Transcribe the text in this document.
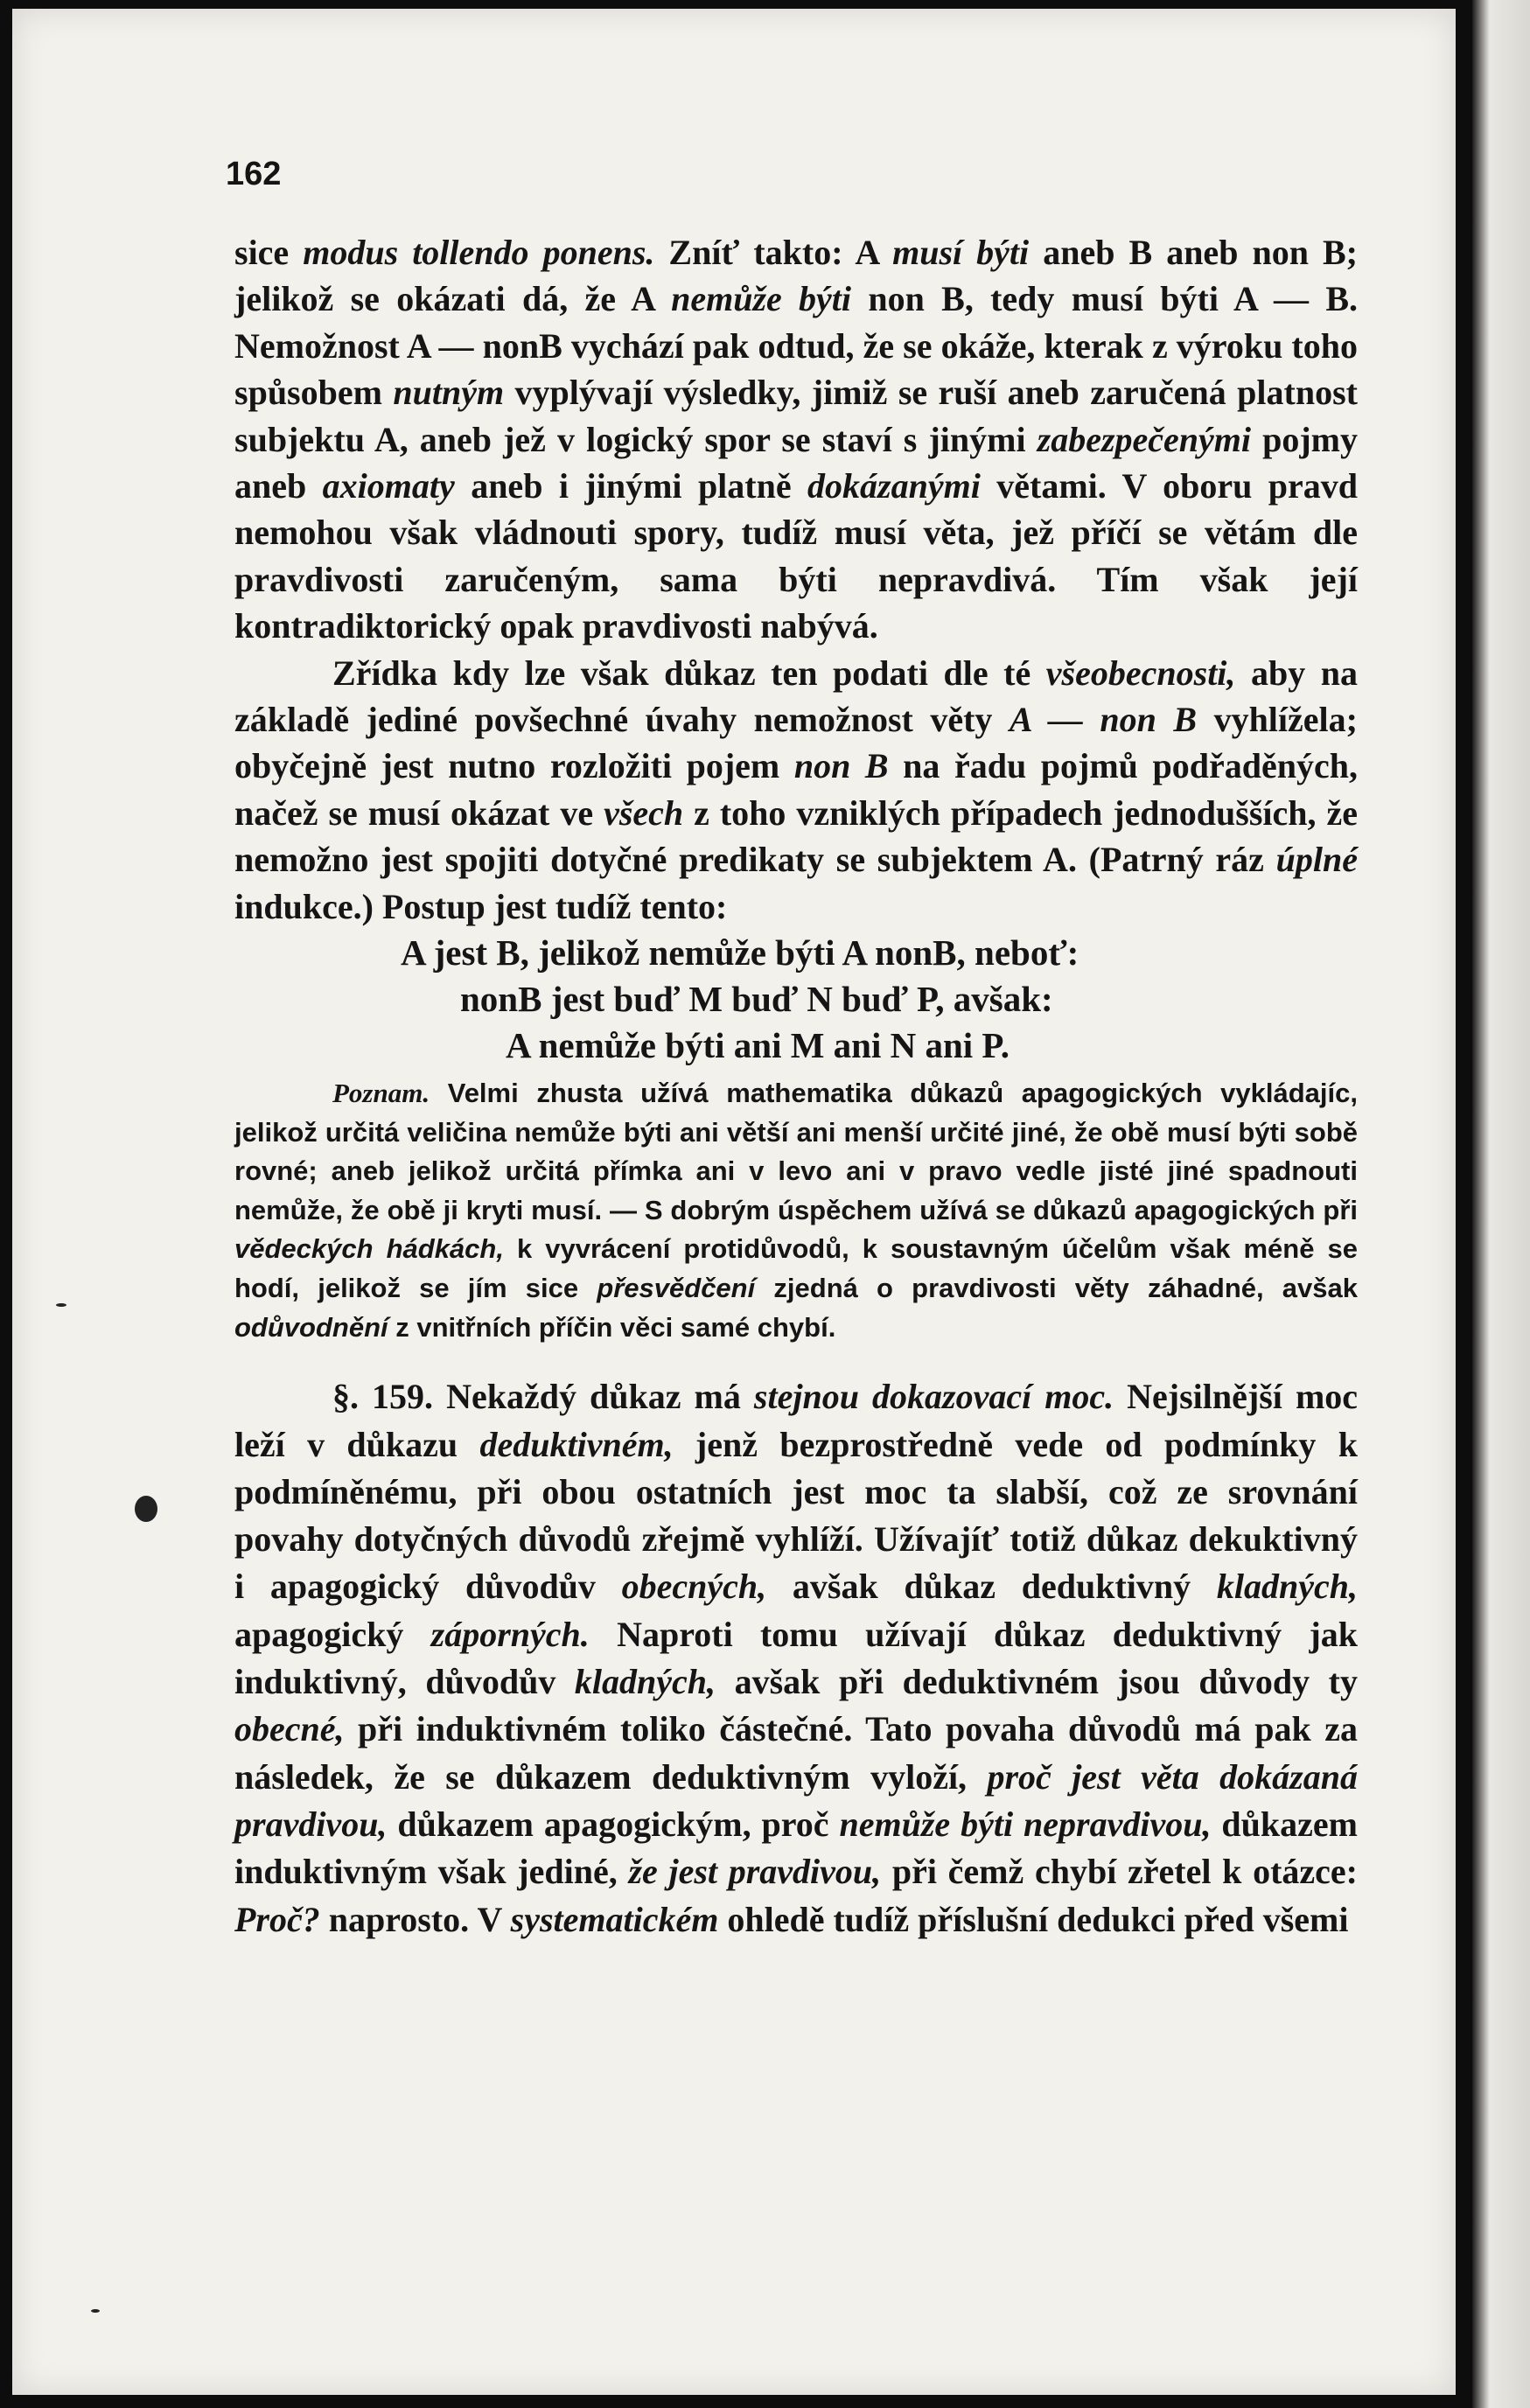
162

sice modus tollendo ponens. Zníť takto: A musí býti aneb B aneb non B; jelikož se okázati dá, že A nemůže býti non B, tedy musí býti A — B. Nemožnost A — nonB vychází pak odtud, že se okáže, kterak z výroku toho spůsobem nutným vyplývají výsledky, jimiž se ruší aneb zaručená platnost subjektu A, aneb jež v logický spor se staví s jinými zabezpečenými pojmy aneb axiomaty aneb i jinými platně dokázanými větami. V oboru pravd nemohou však vládnouti spory, tudíž musí věta, jež příčí se větám dle pravdivosti zaručeným, sama býti nepravdivá. Tím však její kontradiktorický opak pravdivosti nabývá.

Zřídka kdy lze však důkaz ten podati dle té všeobecnosti, aby na základě jediné povšechné úvahy nemožnost věty A — non B vyhlížela; obyčejně jest nutno rozložiti pojem non B na řadu pojmů podřaděných, načež se musí okázat ve všech z toho vzniklých případech jednodušších, že nemožno jest spojiti dotyčné predikaty se subjektem A. (Patrný ráz úplné indukce.) Postup jest tudíž tento:

A jest B, jelikož nemůže býti A nonB, neboť:
nonB jest buď M buď N buď P, avšak:
A nemůže býti ani M ani N ani P.

Poznam. Velmi zhusta užívá mathematika důkazů apagogických vykládajíc, jelikož určitá veličina nemůže býti ani větší ani menší určité jiné, že obě musí býti sobě rovné; aneb jelikož určitá přímka ani v levo ani v pravo vedle jisté jiné spadnouti nemůže, že obě ji kryti musí. — S dobrým úspěchem užívá se důkazů apagogických při vědeckých hádkách, k vyvrácení protidůvodů, k soustavným účelům však méně se hodí, jelikož se jím sice přesvědčení zjedná o pravdivosti věty záhadné, avšak odůvodnění z vnitřních příčin věci samé chybí.

§. 159. Nekaždý důkaz má stejnou dokazovací moc. Nejsilnější moc leží v důkazu deduktivném, jenž bezprostředně vede od podmínky k podmíněnému, při obou ostatních jest moc ta slabší, což ze srovnání povahy dotyčných důvodů zřejmě vyhlíží. Užívajíť totiž důkaz dekuktivný i apagogický důvodův obecných, avšak důkaz deduktivný kladných, apagogický záporných. Naproti tomu užívají důkaz deduktivný jak induktivný, důvodův kladných, avšak při deduktivném jsou důvody ty obecné, při induktivném toliko částečné. Tato povaha důvodů má pak za následek, že se důkazem deduktivným vyloží, proč jest věta dokázaná pravdivou, důkazem apagogickým, proč nemůže býti nepravdivou, důkazem induktivným však jediné, že jest pravdivou, při čemž chybí zřetel k otázce: Proč? naprosto. V systematickém ohledě tudíž příslušní dedukci před všemi
